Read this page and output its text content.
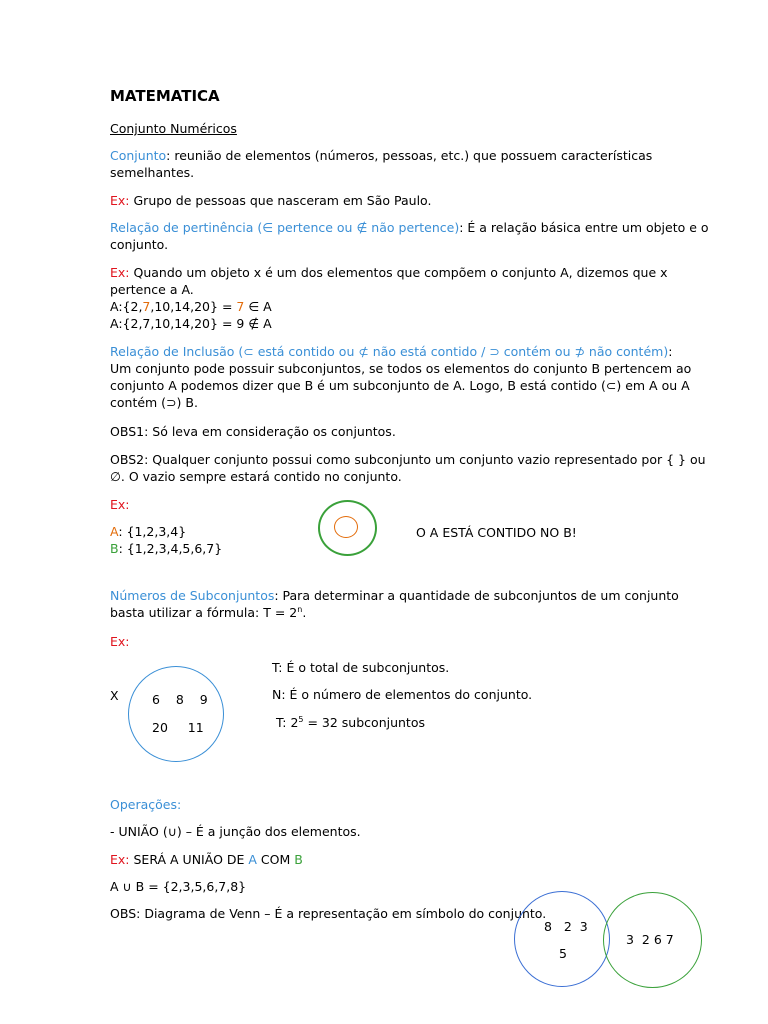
MATEMATICA
Conjunto Numéricos
Conjunto: reunião de elementos (números, pessoas, etc.) que possuem características
semelhantes.
Ex: Grupo de pessoas que nasceram em São Paulo.
Relação de pertinência (∈ pertence ou ∉ não pertence): É a relação básica entre um objeto e o
conjunto.
Ex: Quando um objeto x é um dos elementos que compõem o conjunto A, dizemos que x
pertence a A.
A:{2,7,10,14,20} = 7 ∈ A
A:{2,7,10,14,20} = 9 ∉ A
Relação de Inclusão (⊂ está contido ou ⊄ não está contido / ⊃ contém ou ⊅ não contém):
Um conjunto pode possuir subconjuntos, se todos os elementos do conjunto B pertencem ao
conjunto A podemos dizer que B é um subconjunto de A. Logo, B está contido (⊂) em A ou A
contém (⊃) B.
OBS1: Só leva em consideração os conjuntos.
OBS2: Qualquer conjunto possui como subconjunto um conjunto vazio representado por { } ou
∅. O vazio sempre estará contido no conjunto.
Ex:
A: {1,2,3,4}
B: {1,2,3,4,5,6,7}
O A ESTÁ CONTIDO NO B!
Números de Subconjuntos: Para determinar a quantidade de subconjuntos de um conjunto
basta utilizar a fórmula: $T = 2^n$.
Ex:
X	6    8    9
20     11
T: É o total de subconjuntos.
N: É o número de elementos do conjunto.
T: $2^5 = 32$ subconjuntos
Operações:
- UNIÃO (∪) – É a junção dos elementos.
Ex: SERÁ A UNIÃO DE A COM B
A ∪ B = {2,3,5,6,7,8}
OBS: Diagrama de Venn – É a representação em símbolo do conjunto.
8   2  3
5
3  2 6 7
